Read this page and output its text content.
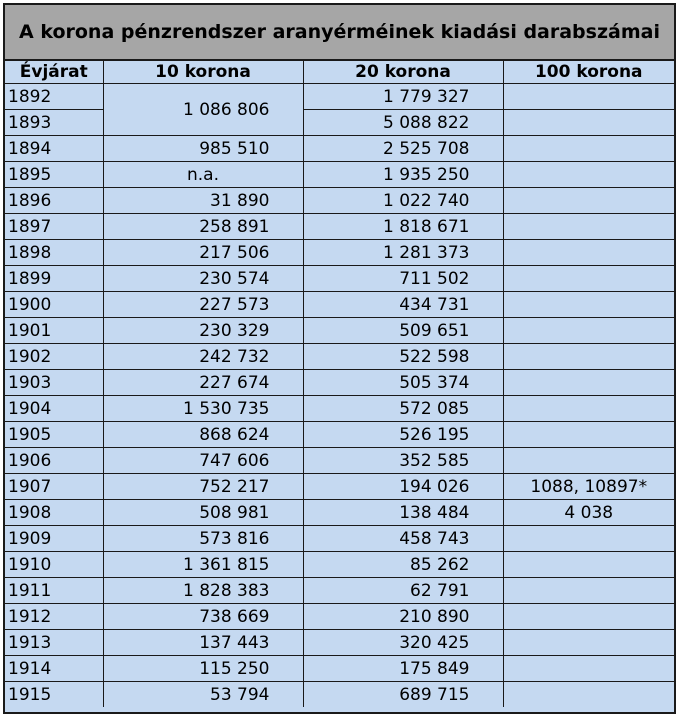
A korona pénzrendszer aranyérméinek kiadási darabszámai
Évjárat	10 korona	20 korona	100 korona
1892	1 086 806	1 779 327	
1893		5 088 822	
1894	985 510	2 525 708	
1895	n.a.	1 935 250	
1896	31 890	1 022 740	
1897	258 891	1 818 671	
1898	217 506	1 281 373	
1899	230 574	711 502	
1900	227 573	434 731	
1901	230 329	509 651	
1902	242 732	522 598	
1903	227 674	505 374	
1904	1 530 735	572 085	
1905	868 624	526 195	
1906	747 606	352 585	
1907	752 217	194 026	1088, 10897*
1908	508 981	138 484	4 038
1909	573 816	458 743	
1910	1 361 815	85 262	
1911	1 828 383	62 791	
1912	738 669	210 890	
1913	137 443	320 425	
1914	115 250	175 849	
1915	53 794	689 715	
